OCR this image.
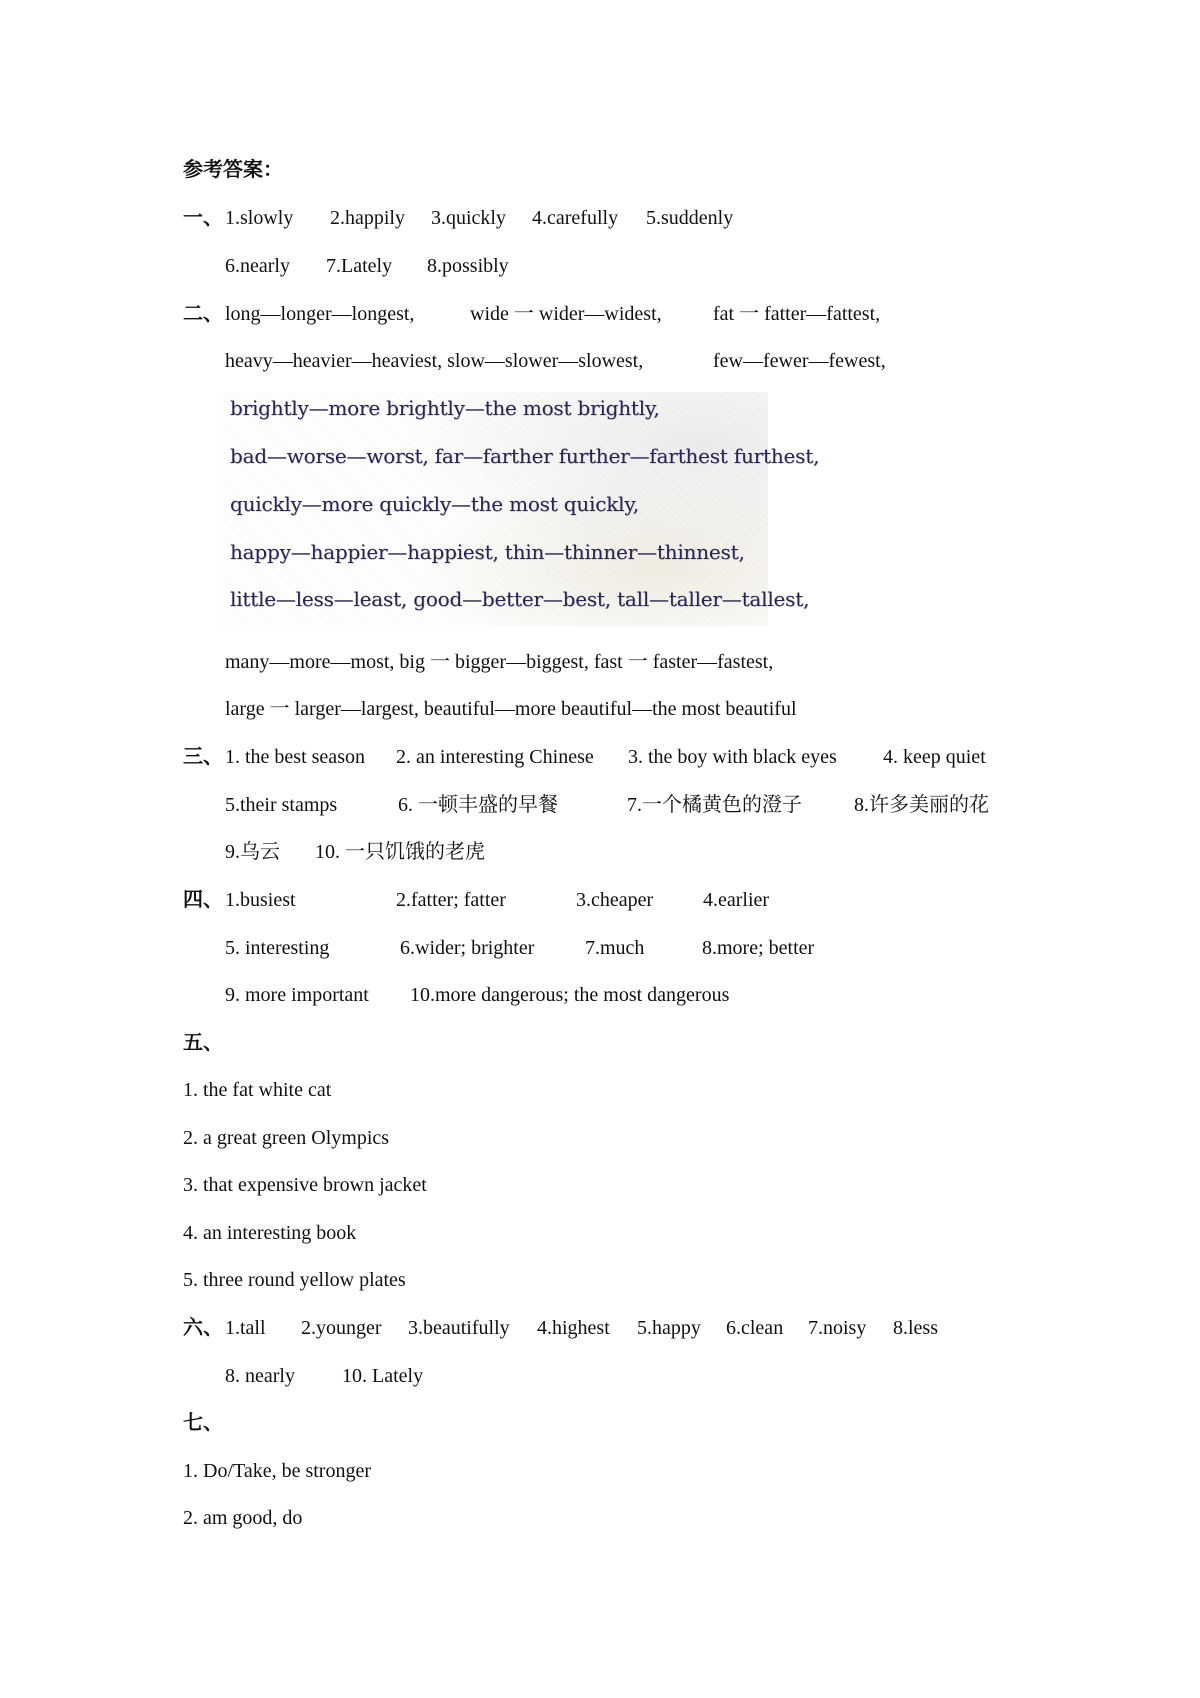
参考答案：
一、 1.slowly 2.happily 3.quickly 4.carefully 5.suddenly
6.nearly 7.Lately 8.possibly
二、 long—longer—longest,	wide 一 wider—widest,	fat 一 fatter—fattest,
heavy—heavier—heaviest, slow—slower—slowest,	few—fewer—fewest,
brightly—more brightly—the most brightly,
bad—worse—worst, far—farther further—farthest furthest,
quickly—more quickly—the most quickly,
happy—happier—happiest, thin—thinner—thinnest,
little—less—least, good—better—best, tall—taller—tallest,
many—more—most, big 一 bigger—biggest, fast 一 faster—fastest,
large 一 larger—largest, beautiful—more beautiful—the most beautiful
三、 1. the best season 2. an interesting Chinese 3. the boy with black eyes 4. keep quiet
5.their stamps	6. 一顿丰盛的早餐	7.一个橘黄色的澄子	8.许多美丽的花
9.乌云 10. 一只饥饿的老虎
四、 1.busiest	2.fatter; fatter	3.cheaper 4.earlier
5. interesting	6.wider; brighter	7.much	8.more; better
9. more important 10.more dangerous; the most dangerous
五、
1. the fat white cat
2. a great green Olympics
3. that expensive brown jacket
4. an interesting book
5. three round yellow plates
六、 1.tall 2.younger 3.beautifully 4.highest 5.happy 6.clean 7.noisy 8.less
8. nearly 10. Lately
七、
1. Do/Take, be stronger
2. am good, do
